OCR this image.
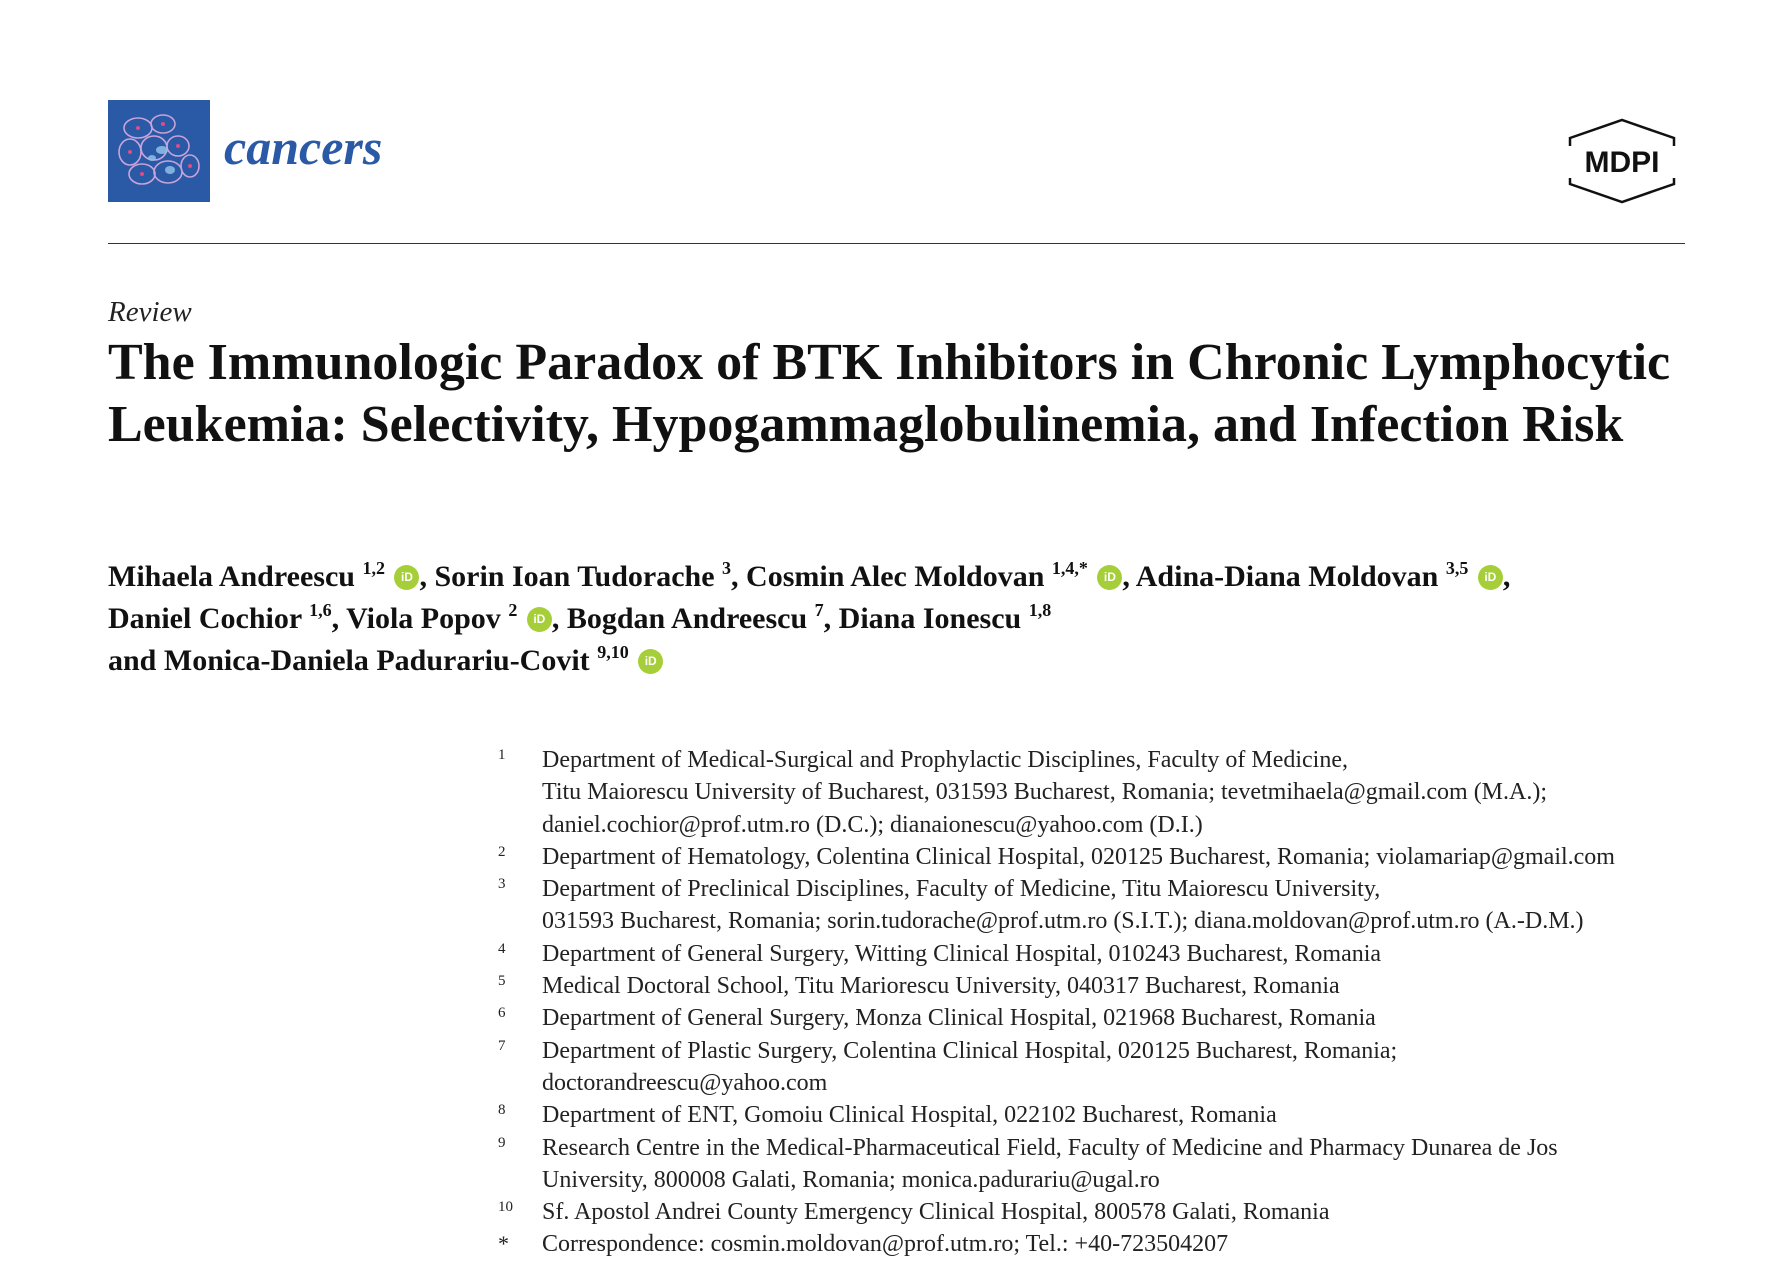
cancers	MDPI
Review
The Immunologic Paradox of BTK Inhibitors in Chronic Lymphocytic Leukemia: Selectivity, Hypogammaglobulinemia, and Infection Risk
Mihaela Andreescu $^{1,2}$ iD , Sorin Ioan Tudorache $^3$, Cosmin Alec Moldovan $^{1,4,*}$ iD , Adina-Diana Moldovan $^{3,5}$ iD ,
Daniel Cochior $^{1,6}$, Viola Popov $^2$ iD , Bogdan Andreescu $^7$, Diana Ionescu $^{1,8}$
and Monica-Daniela Padurariu-Covit $^{9,10}$ iD
1	Department of Medical-Surgical and Prophylactic Disciplines, Faculty of Medicine,
Titu Maiorescu University of Bucharest, 031593 Bucharest, Romania; tevetmihaela@gmail.com (M.A.);
daniel.cochior@prof.utm.ro (D.C.); dianaionescu@yahoo.com (D.I.)
2	Department of Hematology, Colentina Clinical Hospital, 020125 Bucharest, Romania; violamariap@gmail.com
3	Department of Preclinical Disciplines, Faculty of Medicine, Titu Maiorescu University,
031593 Bucharest, Romania; sorin.tudorache@prof.utm.ro (S.I.T.); diana.moldovan@prof.utm.ro (A.-D.M.)
4	Department of General Surgery, Witting Clinical Hospital, 010243 Bucharest, Romania
5	Medical Doctoral School, Titu Mariorescu University, 040317 Bucharest, Romania
6	Department of General Surgery, Monza Clinical Hospital, 021968 Bucharest, Romania
7	Department of Plastic Surgery, Colentina Clinical Hospital, 020125 Bucharest, Romania;
doctorandreescu@yahoo.com
8	Department of ENT, Gomoiu Clinical Hospital, 022102 Bucharest, Romania
9	Research Centre in the Medical-Pharmaceutical Field, Faculty of Medicine and Pharmacy Dunarea de Jos
University, 800008 Galati, Romania; monica.padurariu@ugal.ro
10	Sf. Apostol Andrei County Emergency Clinical Hospital, 800578 Galati, Romania
*	Correspondence: cosmin.moldovan@prof.utm.ro; Tel.: +40-723504207
